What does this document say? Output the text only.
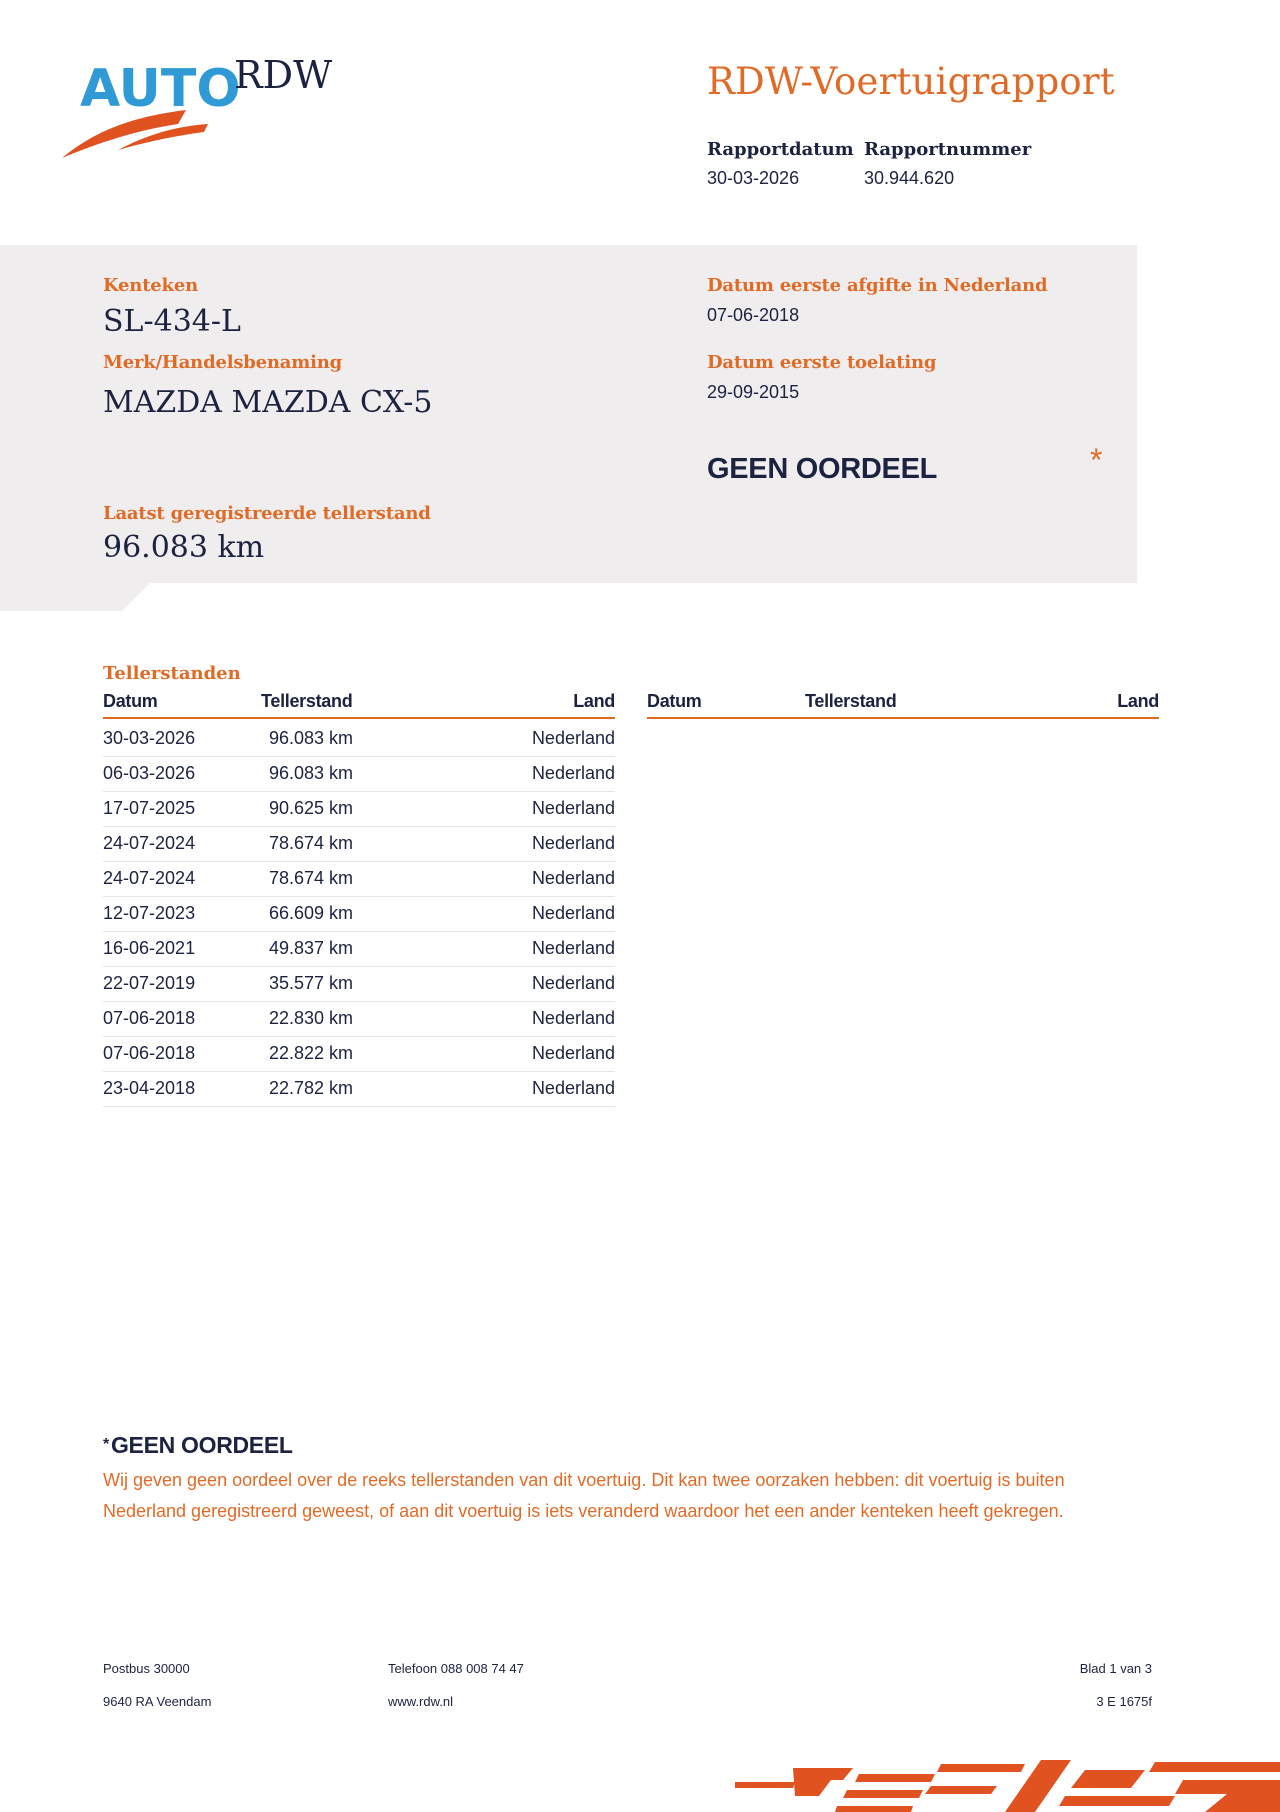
AUTO
RDW	RDW-Voertuigrapport
Rapportdatum
30-03-2026
Rapportnummer
30.944.620
Kenteken
SL-434-L
Merk/Handelsbenaming
MAZDA MAZDA CX-5
Datum eerste afgifte in Nederland
07-06-2018
Datum eerste toelating
29-09-2015
GEEN OORDEEL	*
Laatst geregistreerde tellerstand
96.083 km
Tellerstanden
Datum	Tellerstand	Land Datum	Tellerstand	Land
30-03-2026	96.083 km	Nederland
06-03-2026	96.083 km	Nederland
17-07-2025	90.625 km	Nederland
24-07-2024	78.674 km	Nederland
24-07-2024	78.674 km	Nederland
12-07-2023	66.609 km	Nederland
16-06-2021	49.837 km	Nederland
22-07-2019	35.577 km	Nederland
07-06-2018	22.830 km	Nederland
07-06-2018	22.822 km	Nederland
23-04-2018	22.782 km	Nederland
*GEEN OORDEEL
Wij geven geen oordeel over de reeks tellerstanden van dit voertuig. Dit kan twee oorzaken hebben: dit voertuig is buiten Nederland geregistreerd geweest, of aan dit voertuig is iets veranderd waardoor het een ander kenteken heeft gekregen.
Postbus 30000
9640 RA Veendam
Telefoon 088 008 74 47
www.rdw.nl
Blad 1 van 3
3 E 1675f
